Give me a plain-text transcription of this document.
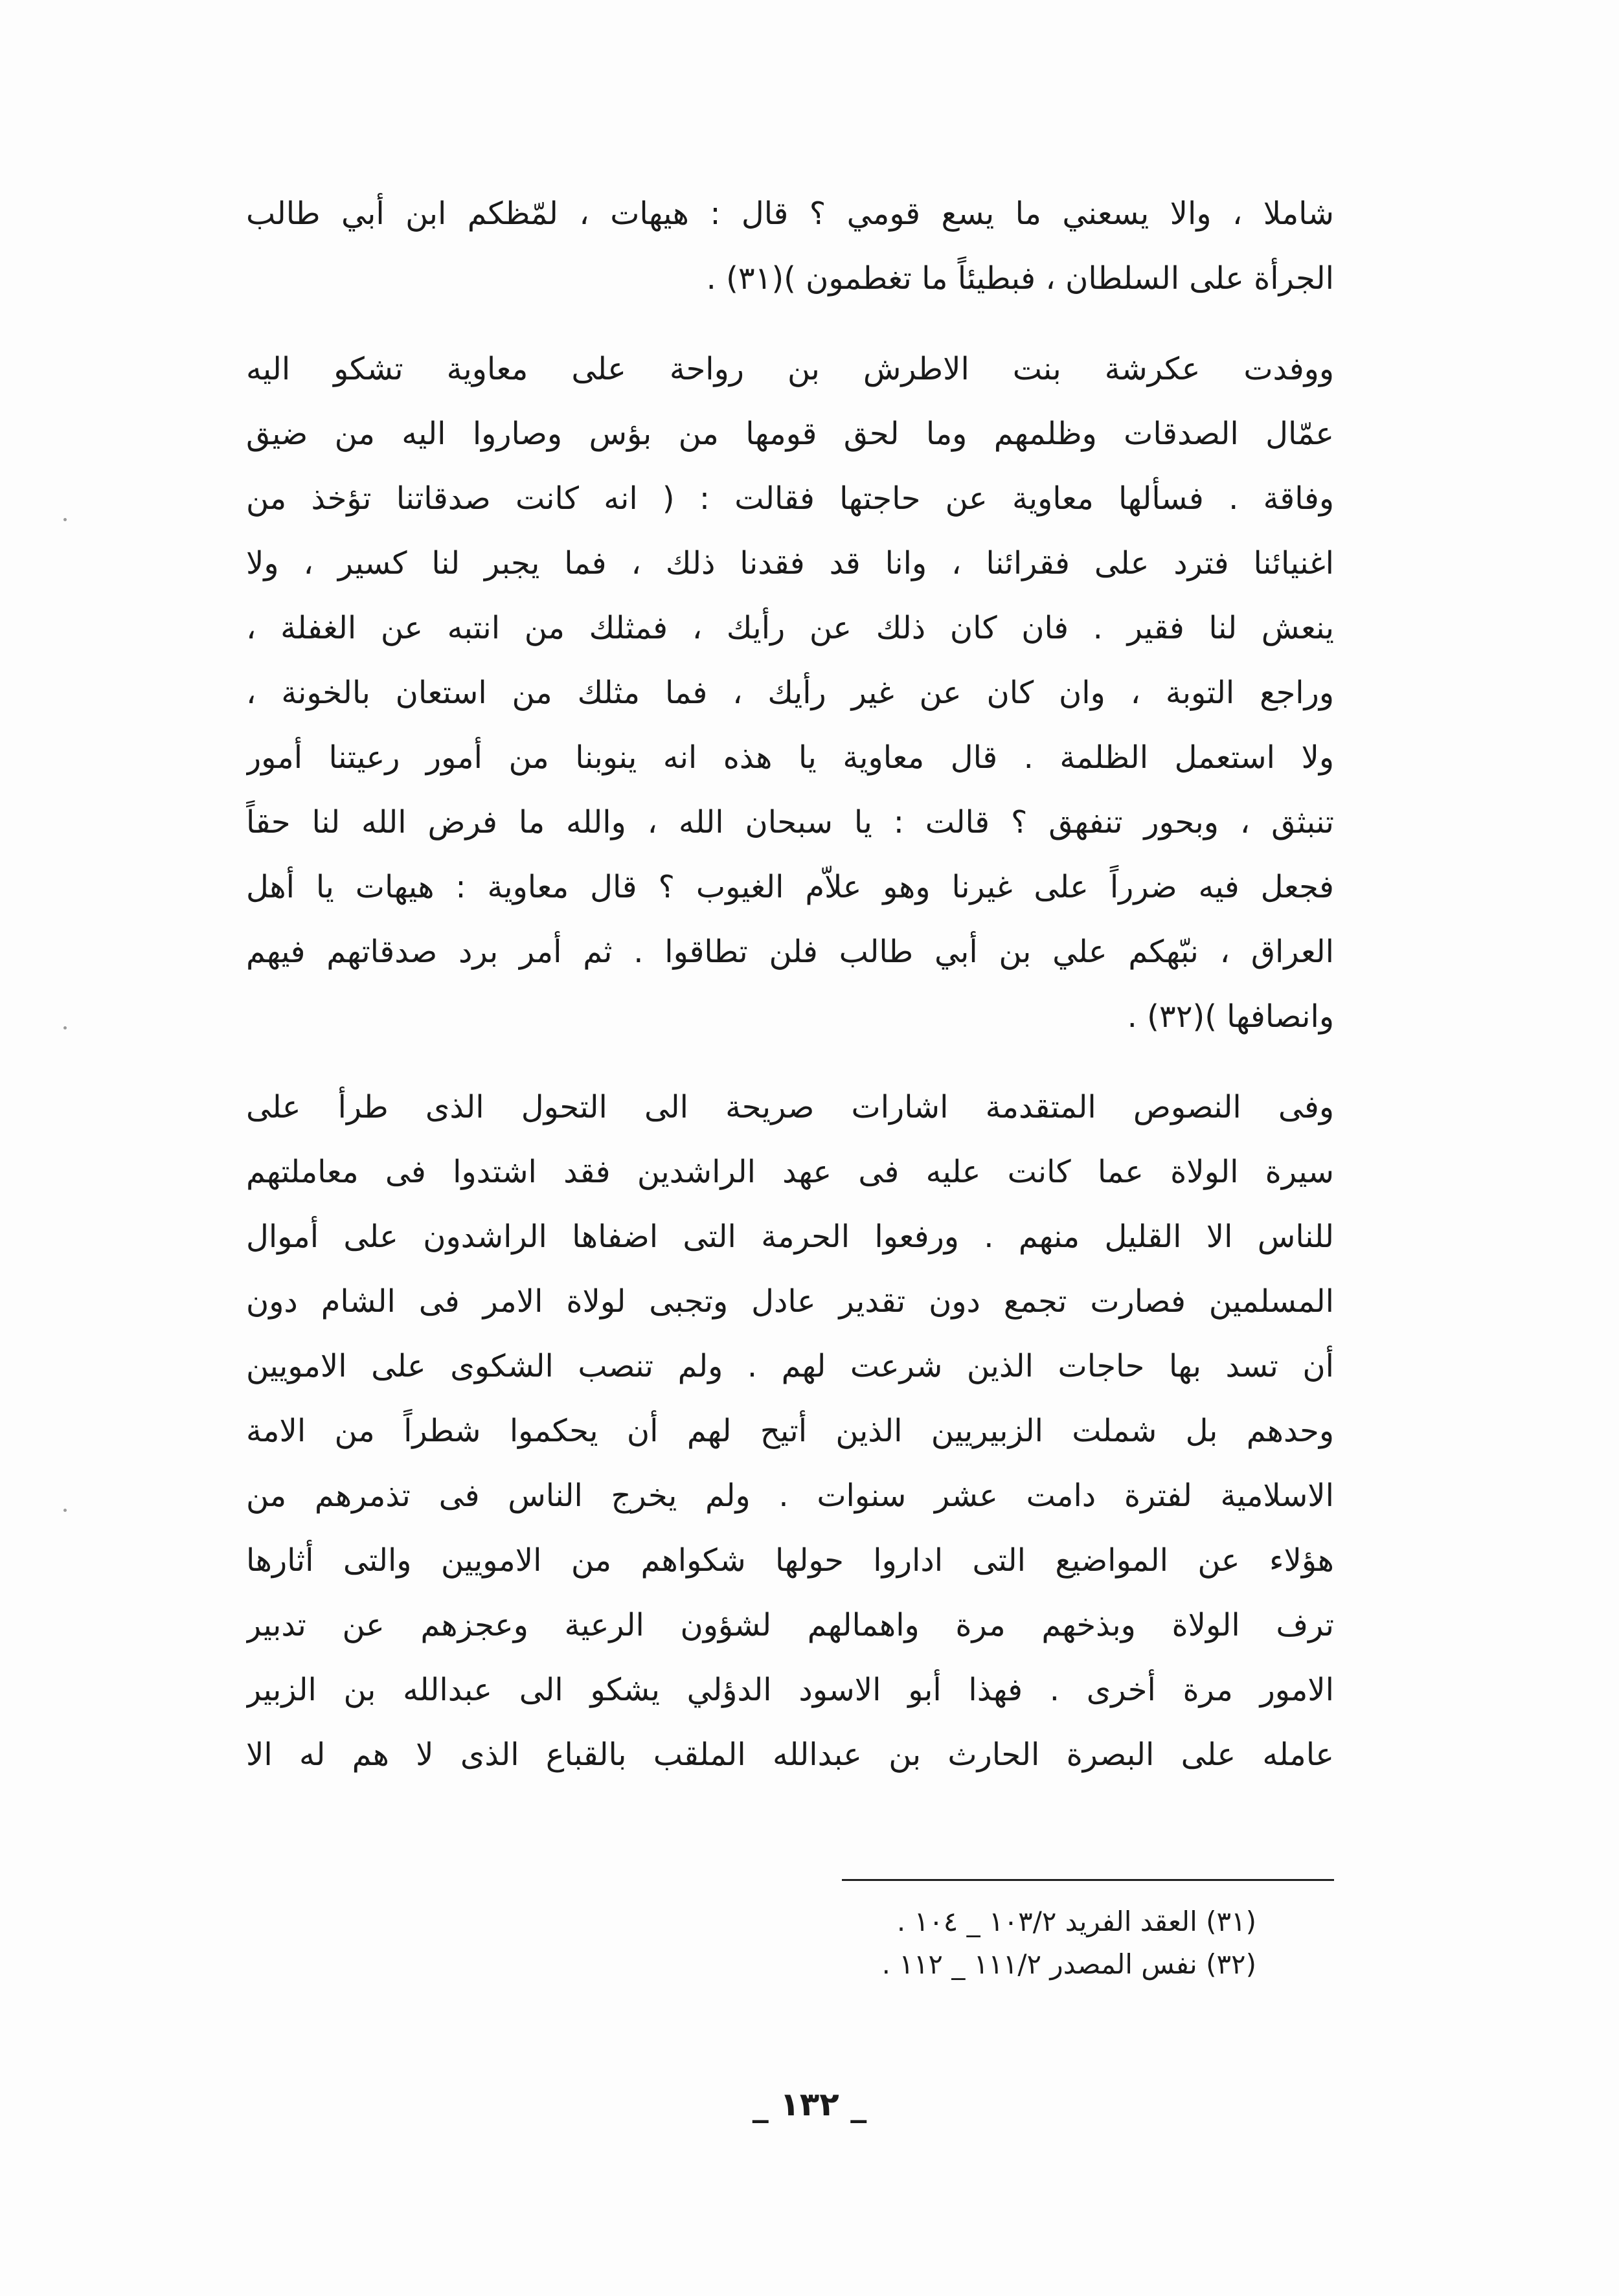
شاملا ، والا يسعني ما يسع قومي ؟ قال : هيهات ، لمّظكم ابن أبي طالب
الجرأة على السلطان ، فبطيئاً ما تغطمون )(٣١) .
ووفدت عكرشة بنت الاطرش بن رواحة على معاوية تشكو اليه
عمّال الصدقات وظلمهم وما لحق قومها من بؤس وصاروا اليه من ضيق
وفاقة . فسألها معاوية عن حاجتها فقالت : ( انه كانت صدقاتنا تؤخذ من
اغنيائنا فترد على فقرائنا ، وانا قد فقدنا ذلك ، فما يجبر لنا كسير ، ولا
ينعش لنا فقير . فان كان ذلك عن رأيك ، فمثلك من انتبه عن الغفلة ،
وراجع التوبة ، وان كان عن غير رأيك ، فما مثلك من استعان بالخونة ،
ولا استعمل الظلمة . قال معاوية يا هذه انه ينوبنا من أمور رعيتنا أمور
تنبثق ، وبحور تنفهق ؟ قالت : يا سبحان الله ، والله ما فرض الله لنا حقاً
فجعل فيه ضرراً على غيرنا وهو علاّم الغيوب ؟ قال معاوية : هيهات يا أهل
العراق ، نبّهكم علي بن أبي طالب فلن تطاقوا . ثم أمر برد صدقاتهم فيهم
وانصافها )(٣٢) .
وفى النصوص المتقدمة اشارات صريحة الى التحول الذى طرأ على
سيرة الولاة عما كانت عليه فى عهد الراشدين فقد اشتدوا فى معاملتهم
للناس الا القليل منهم . ورفعوا الحرمة التى اضفاها الراشدون على أموال
المسلمين فصارت تجمع دون تقدير عادل وتجبى لولاة الامر فى الشام دون
أن تسد بها حاجات الذين شرعت لهم . ولم تنصب الشكوى على الامويين
وحدهم بل شملت الزبيريين الذين أتيح لهم أن يحكموا شطراً من الامة
الاسلامية لفترة دامت عشر سنوات . ولم يخرج الناس فى تذمرهم من
هؤلاء عن المواضيع التى اداروا حولها شكواهم من الامويين والتى أثارها
ترف الولاة وبذخهم مرة واهمالهم لشؤون الرعية وعجزهم عن تدبير
الامور مرة أخرى . فهذا أبو الاسود الدؤلي يشكو الى عبدالله بن الزبير
عامله على البصرة الحارث بن عبدالله الملقب بالقباع الذى لا هم له الا
(٣١) العقد الفريد ١٠٣/٢ _ ١٠٤ .
(٣٢) نفس المصدر ١١١/٢ _ ١١٢ .
_ ١٣٢ _
